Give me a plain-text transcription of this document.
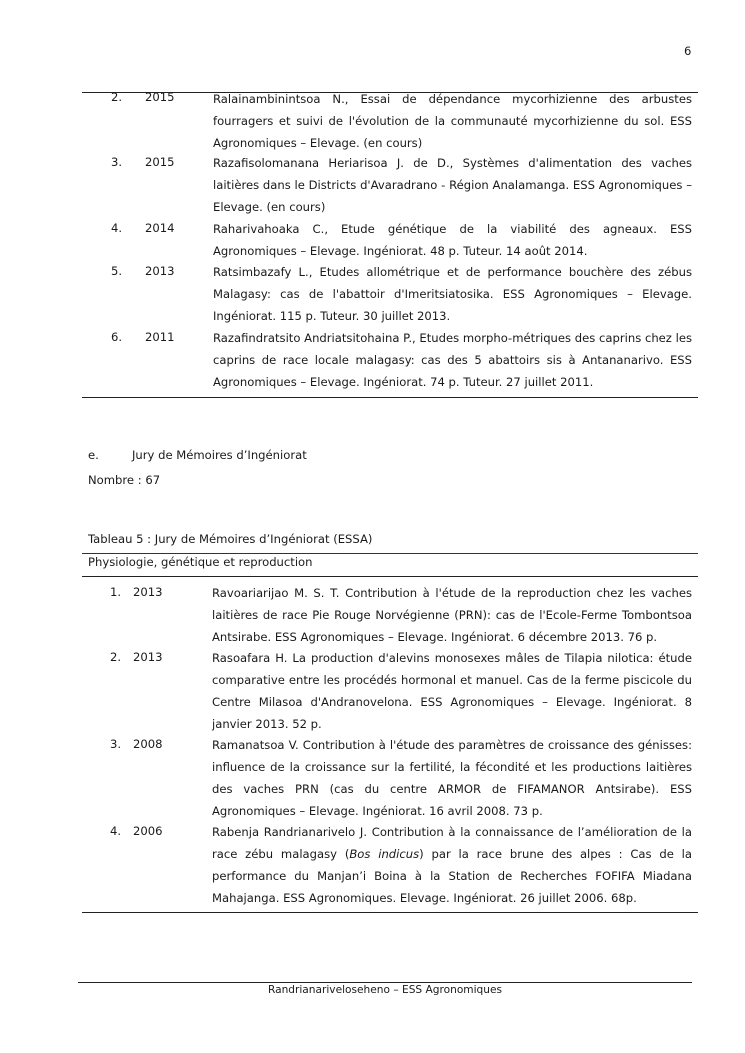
6
2. 2015	Ralainambinintsoa N., Essai de dépendance mycorhizienne des arbustes fourragers et suivi de l'évolution de la communauté mycorhizienne du sol. ESS Agronomiques – Elevage. (en cours)
3. 2015	Razafisolomanana Heriarisoa J. de D., Systèmes d'alimentation des vaches laitières dans le Districts d'Avaradrano - Région Analamanga. ESS Agronomiques – Elevage. (en cours)
4. 2014	Raharivahoaka C., Etude génétique de la viabilité des agneaux. ESS Agronomiques – Elevage. Ingéniorat. 48 p. Tuteur. 14 août 2014.
5. 2013	Ratsimbazafy L., Etudes allométrique et de performance bouchère des zébus Malagasy: cas de l'abattoir d'Imeritsiatosika. ESS Agronomiques – Elevage. Ingéniorat. 115 p. Tuteur. 30 juillet 2013.
6. 2011	Razafindratsito Andriatsitohaina P., Etudes morpho-métriques des caprins chez les caprins de race locale malagasy: cas des 5 abattoirs sis à Antananarivo. ESS Agronomiques – Elevage. Ingéniorat. 74 p. Tuteur. 27 juillet 2011.
e.	Jury de Mémoires d’Ingéniorat
Nombre : 67
Tableau 5 : Jury de Mémoires d’Ingéniorat (ESSA)
Physiologie, génétique et reproduction
1. 2013	Ravoariarijao M. S. T. Contribution à l'étude de la reproduction chez les vaches laitières de race Pie Rouge Norvégienne (PRN): cas de l'Ecole-Ferme Tombontsoa Antsirabe. ESS Agronomiques – Elevage. Ingéniorat. 6 décembre 2013. 76 p.
2. 2013	Rasoafara H. La production d'alevins monosexes mâles de Tilapia nilotica: étude comparative entre les procédés hormonal et manuel. Cas de la ferme piscicole du Centre Milasoa d'Andranovelona. ESS Agronomiques – Elevage. Ingéniorat. 8 janvier 2013. 52 p.
3. 2008	Ramanatsoa V. Contribution à l'étude des paramètres de croissance des génisses: influence de la croissance sur la fertilité, la fécondité et les productions laitières des vaches PRN (cas du centre ARMOR de FIFAMANOR Antsirabe). ESS Agronomiques – Elevage. Ingéniorat. 16 avril 2008. 73 p.
4. 2006	Rabenja Randrianarivelo J. Contribution à la connaissance de l’amélioration de la race zébu malagasy (Bos indicus) par la race brune des alpes : Cas de la performance du Manjan’i Boina à la Station de Recherches FOFIFA Miadana Mahajanga. ESS Agronomiques. Elevage. Ingéniorat. 26 juillet 2006. 68p.
Randrianarivelosehen​o – ESS Agronomiques
